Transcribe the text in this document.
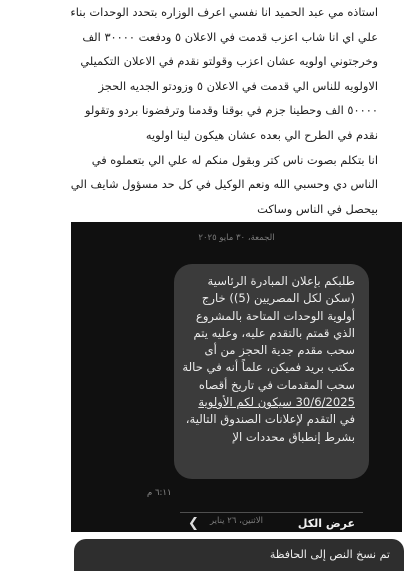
استاذه مي عبد الحميد انا نفسي اعرف الوزاره بتحدد الوحدات بناء

علي اي انا شاب اعزب قدمت في الاعلان ٥ ودفعت ٣٠٠٠٠ الف

وخرجتوني اولويه عشان اعزب وقولتو نقدم في الاعلان التكميلي

الاولويه للناس الي قدمت في الاعلان ٥ وزودتو الجديه الحجز

٥٠٠٠٠ الف وحطينا جزم في بوقنا وقدمنا وترفضونا بردو وتقولو

نقدم في الطرح الي بعده عشان هيكون لينا اولويه

انا بتكلم بصوت ناس كتر وبقول منكم له علي الي بتعملوه في

الناس دي وحسبي الله ونعم الوكيل في كل حد مسؤول شايف الي

بيحصل في الناس وساكت

الجمعة، ٣٠ مايو ٢٠٢٥
طلبكم بإعلان المبادرة الرئاسية
(سكن لكل المصريين (5)) خارج
أولوية الوحدات المتاحة بالمشروع
الذي قمتم بالتقدم عليه، وعليه يتم
سحب مقدم جدية الحجز من أى
مكتب بريد فميكن، علماً أنه في حالة
سحب المقدمات في تاريخ أقصاه
30/6/2025 سيكون لكم الأولوية
في التقدم لإعلانات الصندوق التالية،
بشرط إنطباق محددات الإ
عرض الكل
❮
٦:١١ م
الاثنين، ٢٦ يناير
تم نسخ النص إلى الحافظة
